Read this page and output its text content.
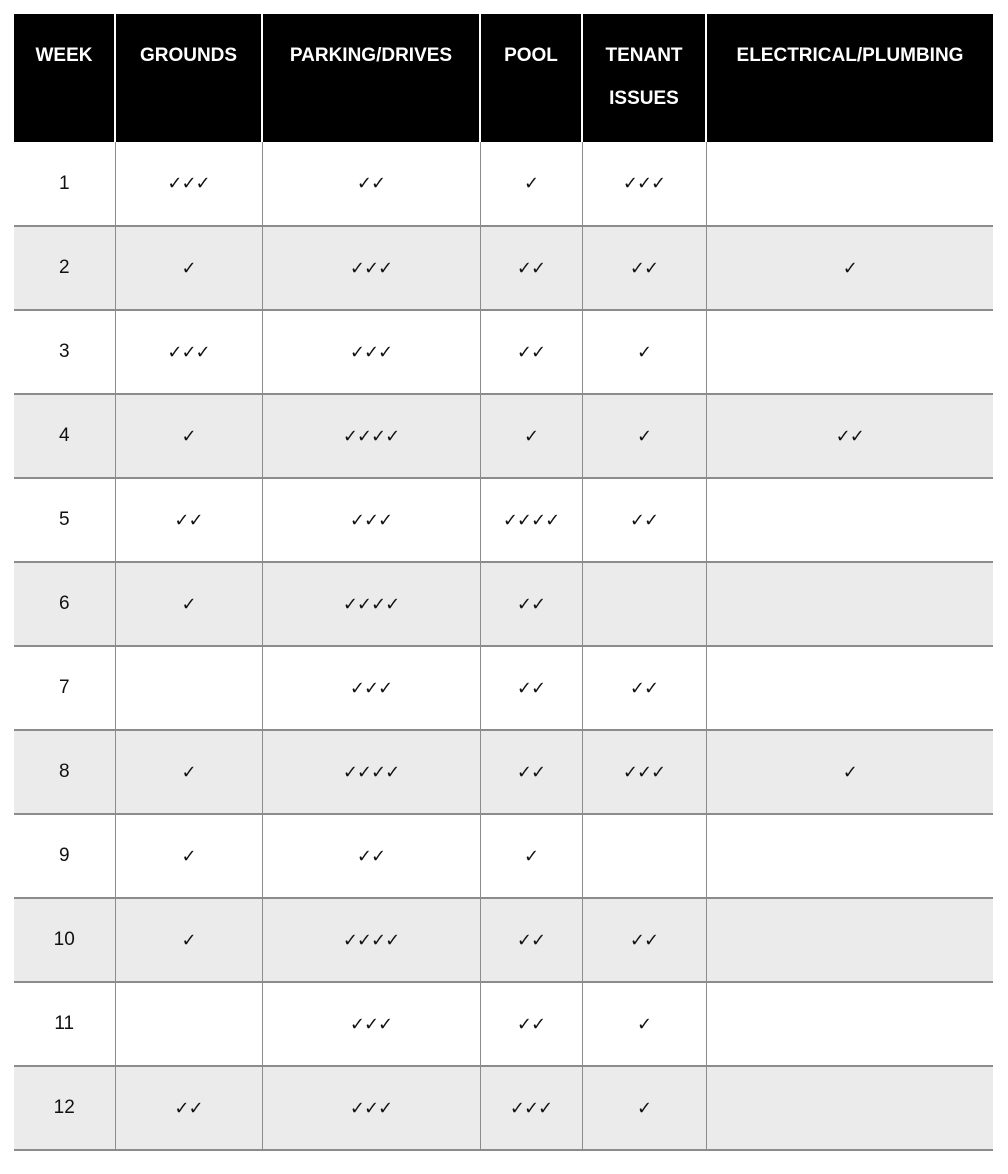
WEEK	GROUNDS	PARKING/DRIVES	POOL	TENANT ISSUES	ELECTRICAL/PLUMBING
1	✓✓✓	✓✓	✓	✓✓✓	
2	✓	✓✓✓	✓✓	✓✓	✓
3	✓✓✓	✓✓✓	✓✓	✓	
4	✓	✓✓✓✓	✓	✓	✓✓
5	✓✓	✓✓✓	✓✓✓✓	✓✓	
6	✓	✓✓✓✓	✓✓		
7		✓✓✓	✓✓	✓✓	
8	✓	✓✓✓✓	✓✓	✓✓✓	✓
9	✓	✓✓	✓		
10	✓	✓✓✓✓	✓✓	✓✓	
11		✓✓✓	✓✓	✓	
12	✓✓	✓✓✓	✓✓✓	✓	
